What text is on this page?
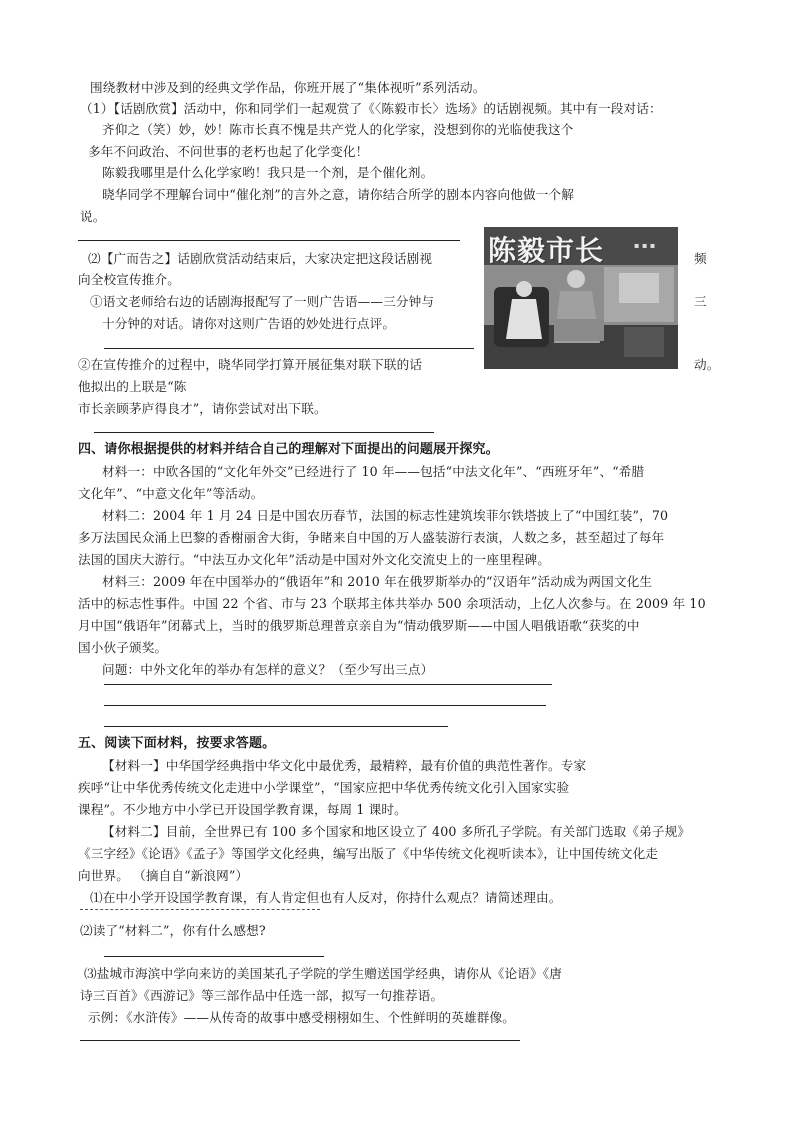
围绕教材中涉及到的经典文学作品，你班开展了“集体视听”系列活动。
（1）【话剧欣赏】活动中，你和同学们一起观赏了《〈陈毅市长〉选场》的话剧视频。其中有一段对话：
齐仰之（笑）妙，妙！陈市长真不愧是共产党人的化学家，没想到你的光临使我这个
多年不问政治、不问世事的老朽也起了化学变化！
陈毅我哪里是什么化学家哟！我只是一个剂，是个催化剂。
晓华同学不理解台词中“催化剂”的言外之意，请你结合所学的剧本内容向他做一个解
说。
陈毅市长	▪ ▪ ▪
⑵【广而告之】话剧欣赏活动结束后，大家决定把这段话剧视	频
向全校宣传推介。
①语文老师给右边的话剧海报配写了一则广告语——三分钟与	三
十分钟的对话。请你对这则广告语的妙处进行点评。
②在宣传推介的过程中，晓华同学打算开展征集对联下联的话	动。
他拟出的上联是“陈
市长亲顾茅庐得良才”，请你尝试对出下联。
四、请你根据提供的材料并结合自己的理解对下面提出的问题展开探究。
材料一：中欧各国的“文化年外交”已经进行了 10 年——包括“中法文化年”、“西班牙年”、“希腊
文化年”、“中意文化年”等活动。
材料二：2004 年 1 月 24 日是中国农历春节，法国的标志性建筑埃菲尔铁塔披上了“中国红装”，70
多万法国民众涌上巴黎的香榭丽舍大街，争睹来自中国的万人盛装游行表演，人数之多，甚至超过了每年
法国的国庆大游行。“中法互办文化年”活动是中国对外文化交流史上的一座里程碑。
材料三：2009 年在中国举办的“俄语年”和 2010 年在俄罗斯举办的“汉语年”活动成为两国文化生
活中的标志性事件。中国 22 个省、市与 23 个联邦主体共举办 500 余项活动，上亿人次参与。在 2009 年 10
月中国“俄语年”闭幕式上，当时的俄罗斯总理普京亲自为“情动俄罗斯——中国人唱俄语歌“获奖的中
国小伙子颁奖。
问题：中外文化年的举办有怎样的意义？（至少写出三点）
五、阅读下面材料，按要求答题。
【材料一】中华国学经典指中华文化中最优秀，最精粹，最有价值的典范性著作。专家
疾呼“让中华优秀传统文化走进中小学课堂”，“国家应把中华优秀传统文化引入国家实验
课程”。不少地方中小学已开设国学教育课，每周 1 课时。
【材料二】目前，全世界已有 100 多个国家和地区设立了 400 多所孔子学院。有关部门选取《弟子规》
《三字经》《论语》《孟子》等国学文化经典，编写出版了《中华传统文化视听读本》，让中国传统文化走
向世界。 （摘自自“新浪网”）
⑴在中小学开设国学教育课，有人肯定但也有人反对，你持什么观点？请简述理由。
⑵读了“材料二”，你有什么感想?
⑶盐城市海滨中学向来访的美国某孔子学院的学生赠送国学经典，请你从《论语》《唐
诗三百首》《西游记》等三部作品中任选一部，拟写一句推荐语。
示例：《水浒传》——从传奇的故事中感受栩栩如生、个性鲜明的英雄群像。
